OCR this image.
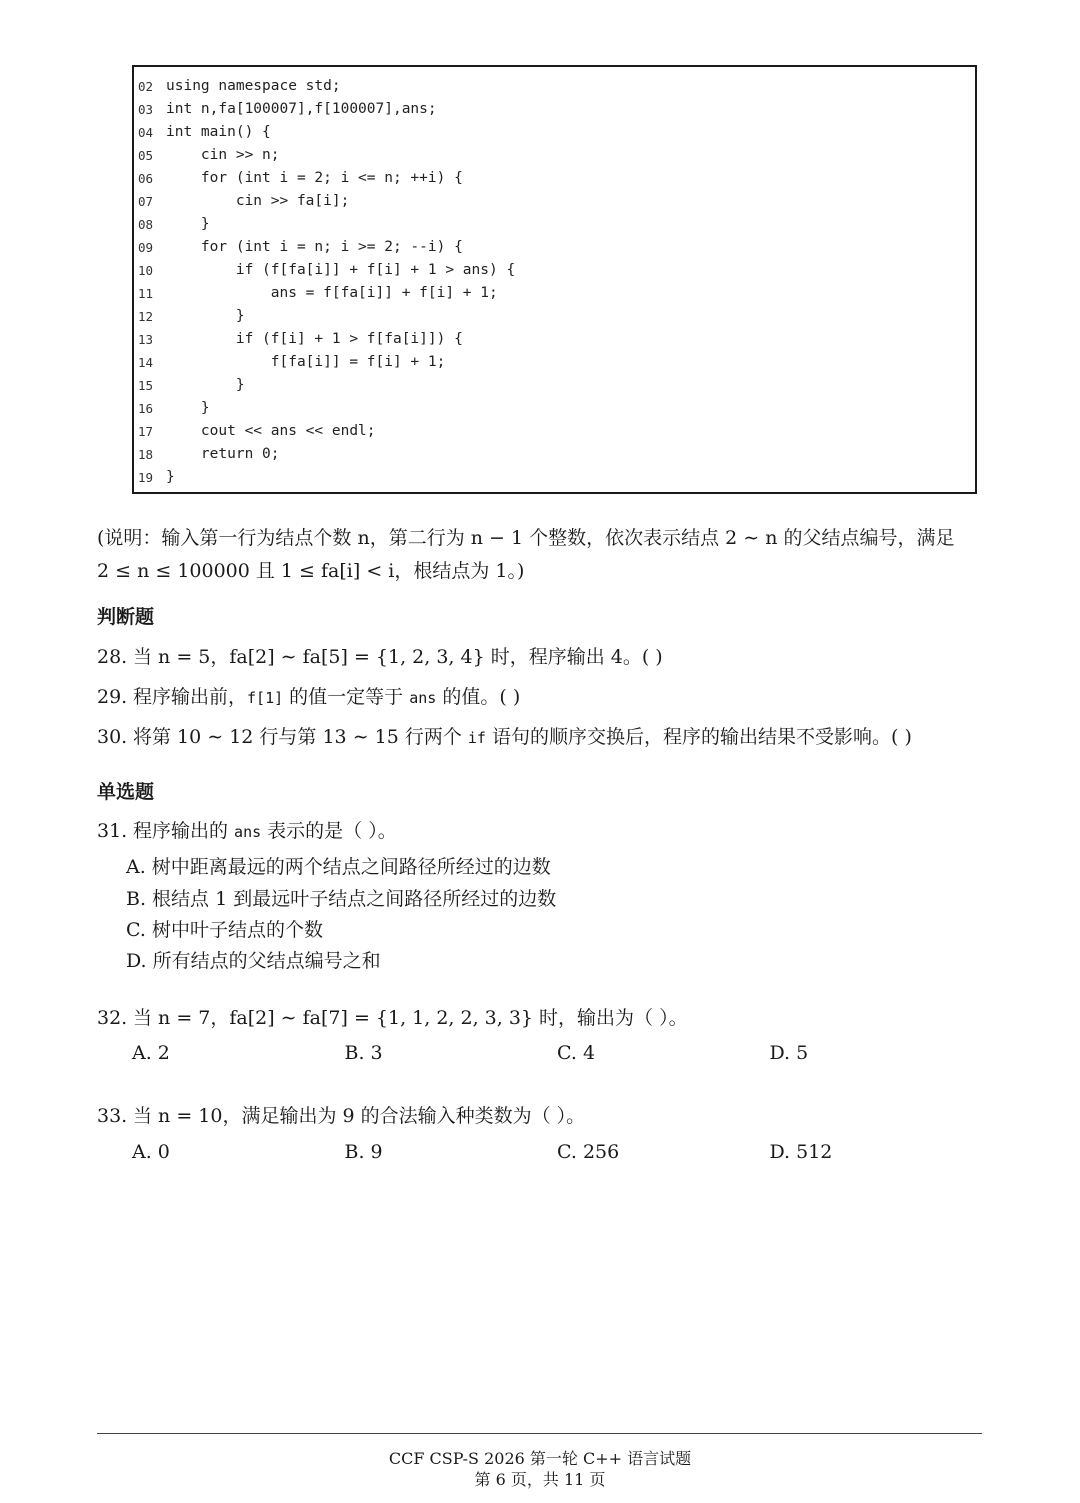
02 using namespace std;
03 int n,fa[100007],f[100007],ans;
04 int main() {
05 cin >> n;
06 for (int i = 2; i <= n; ++i) {
07 cin >> fa[i];
08 }
09 for (int i = n; i >= 2; --i) {
10 if (f[fa[i]] + f[i] + 1 > ans) {
11 ans = f[fa[i]] + f[i] + 1;
12 }
13 if (f[i] + 1 > f[fa[i]]) {
14 f[fa[i]] = f[i] + 1;
15 }
16 }
17 cout << ans << endl;
18 return 0;
19 }
(说明：输入第一行为结点个数 n，第二行为 n − 1 个整数，依次表示结点 2 ∼ n 的父结点编号，满足
2 ≤ n ≤ 100000 且 1 ≤ fa[i] < i，根结点为 1。)
判断题
28. 当 n = 5，fa[2] ∼ fa[5] = {1, 2, 3, 4} 时，程序输出 4。( )
29. 程序输出前，f[1] 的值一定等于 ans 的值。( )
30. 将第 10 ∼ 12 行与第 13 ∼ 15 行两个 if 语句的顺序交换后，程序的输出结果不受影响。( )
单选题
31. 程序输出的 ans 表示的是（ ）。
A. 树中距离最远的两个结点之间路径所经过的边数
B. 根结点 1 到最远叶子结点之间路径所经过的边数
C. 树中叶子结点的个数
D. 所有结点的父结点编号之和
32. 当 n = 7，fa[2] ∼ fa[7] = {1, 1, 2, 2, 3, 3} 时，输出为（ ）。
A. 2	B. 3	C. 4	D. 5
33. 当 n = 10，满足输出为 9 的合法输入种类数为（ ）。
A. 0	B. 9	C. 256	D. 512
CCF CSP-S 2026 第一轮 C++ 语言试题
第 6 页，共 11 页
